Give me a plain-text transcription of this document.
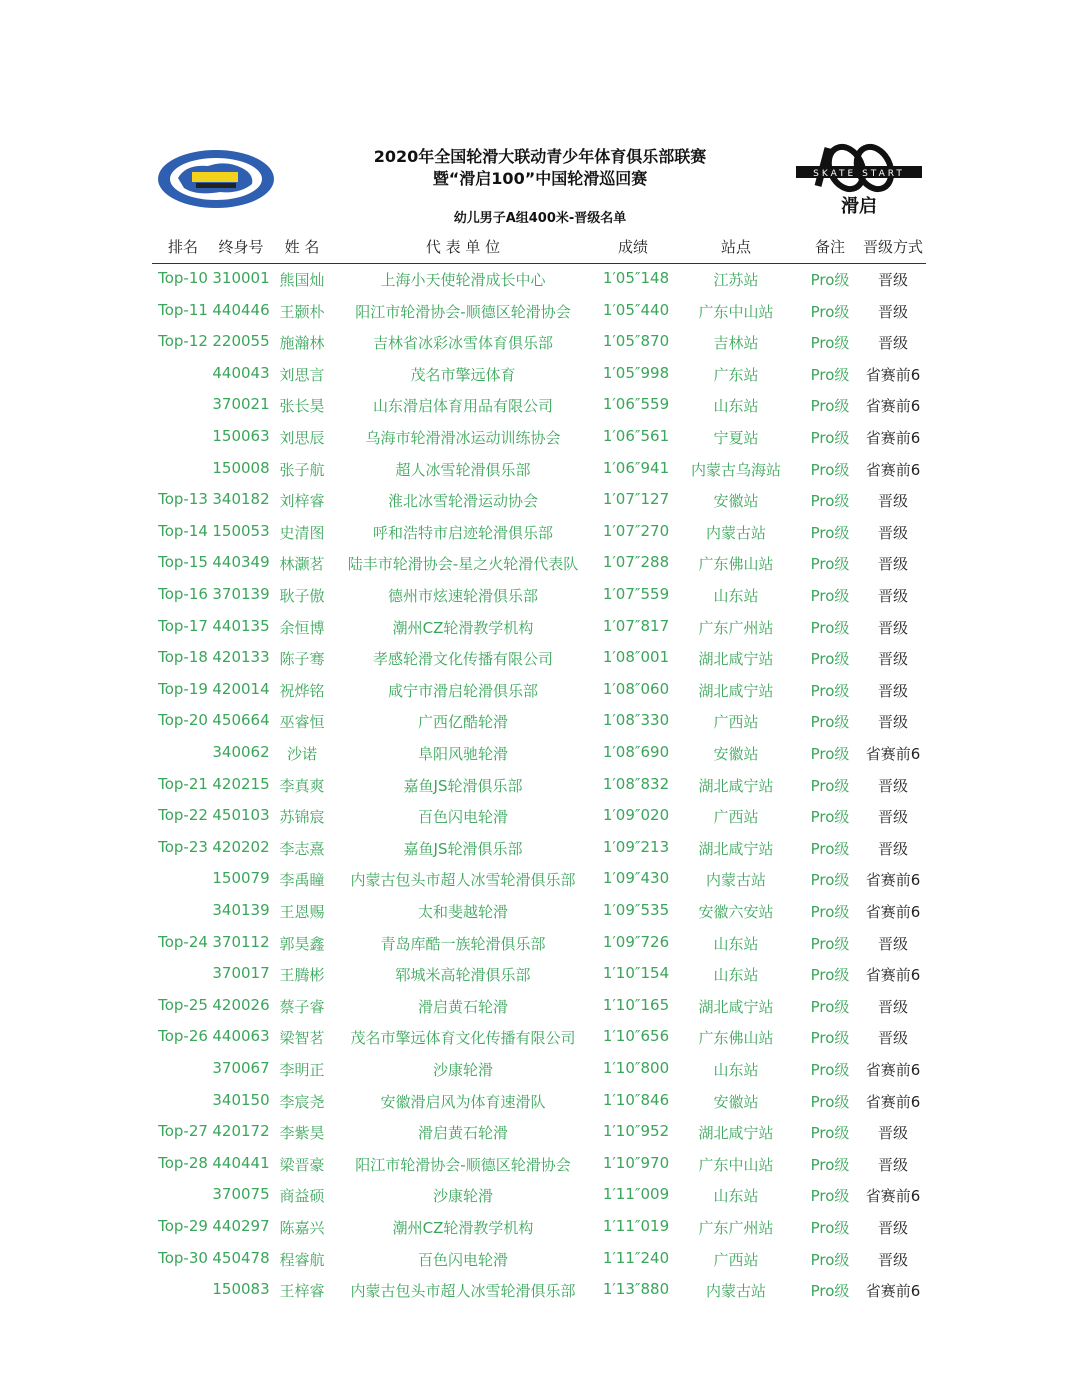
SKATE START
滑启
2020年全国轮滑大联动青少年体育俱乐部联赛
暨“滑启100”中国轮滑巡回赛
幼儿男子A组400米-晋级名单
排名 终身号 姓 名	代 表 单 位	成绩	站点	备注 晋级方式
Top-10 310001 熊国灿	上海小天使轮滑成长中心	1′05″148	江苏站	Pro级 晋级
Top-11 440446 王颢朴 阳江市轮滑协会-顺德区轮滑协会 1′05″440 广东中山站 Pro级 晋级
Top-12 220055 施瀚林	吉林省冰彩冰雪体育俱乐部	1′05″870	吉林站	Pro级 晋级
440043 刘思言	茂名市擎远体育	1′05″998	广东站	Pro级 省赛前6
370021 张长昊	山东滑启体育用品有限公司	1′06″559	山东站	Pro级 省赛前6
150063 刘思辰	乌海市轮滑滑冰运动训练协会	1′06″561	宁夏站	Pro级 省赛前6
150008 张子航	超人冰雪轮滑俱乐部	1′06″941 内蒙古乌海站 Pro级 省赛前6
Top-13 340182 刘梓睿	淮北冰雪轮滑运动协会	1′07″127	安徽站	Pro级 晋级
Top-14 150053 史清图	呼和浩特市启迹轮滑俱乐部	1′07″270 内蒙古站	Pro级 晋级
Top-15 440349 林灏茗 陆丰市轮滑协会-星之火轮滑代表队 1′07″288 广东佛山站 Pro级 晋级
Top-16 370139 耿子傲	德州市炫速轮滑俱乐部	1′07″559	山东站	Pro级 晋级
Top-17 440135 余恒博	潮州CZ轮滑教学机构	1′07″817 广东广州站 Pro级 晋级
Top-18 420133 陈子骞	孝感轮滑文化传播有限公司	1′08″001 湖北咸宁站 Pro级 晋级
Top-19 420014 祝烨铭	咸宁市滑启轮滑俱乐部	1′08″060 湖北咸宁站 Pro级 晋级
Top-20 450664 巫睿恒	广西亿酷轮滑	1′08″330	广西站	Pro级 晋级
340062 沙诺	阜阳风驰轮滑	1′08″690	安徽站	Pro级 省赛前6
Top-21 420215 李真爽	嘉鱼JS轮滑俱乐部	1′08″832 湖北咸宁站 Pro级 晋级
Top-22 450103 苏锦宸	百色闪电轮滑	1′09″020	广西站	Pro级 晋级
Top-23 420202 李志熹	嘉鱼JS轮滑俱乐部	1′09″213 湖北咸宁站 Pro级 晋级
150079 李禹瞳 内蒙古包头市超人冰雪轮滑俱乐部 1′09″430 内蒙古站	Pro级 省赛前6
340139 王恩赐	太和斐越轮滑	1′09″535 安徽六安站 Pro级 省赛前6
Top-24 370112 郭昊鑫	青岛库酷一族轮滑俱乐部	1′09″726	山东站	Pro级 晋级
370017 王腾彬	郓城米高轮滑俱乐部	1′10″154	山东站	Pro级 省赛前6
Top-25 420026 蔡子睿	滑启黄石轮滑	1′10″165 湖北咸宁站 Pro级 晋级
Top-26 440063 梁智茗 茂名市擎远体育文化传播有限公司 1′10″656 广东佛山站 Pro级 晋级
370067 李明正	沙康轮滑	1′10″800	山东站	Pro级 省赛前6
340150 李宸尧	安徽滑启风为体育速滑队	1′10″846	安徽站	Pro级 省赛前6
Top-27 420172 李紫昊	滑启黄石轮滑	1′10″952 湖北咸宁站 Pro级 晋级
Top-28 440441 梁晋豪 阳江市轮滑协会-顺德区轮滑协会 1′10″970 广东中山站 Pro级 晋级
370075 商益硕	沙康轮滑	1′11″009	山东站	Pro级 省赛前6
Top-29 440297 陈嘉兴	潮州CZ轮滑教学机构	1′11″019 广东广州站 Pro级 晋级
Top-30 450478 程睿航	百色闪电轮滑	1′11″240	广西站	Pro级 晋级
150083 王梓睿 内蒙古包头市超人冰雪轮滑俱乐部 1′13″880 内蒙古站	Pro级 省赛前6
